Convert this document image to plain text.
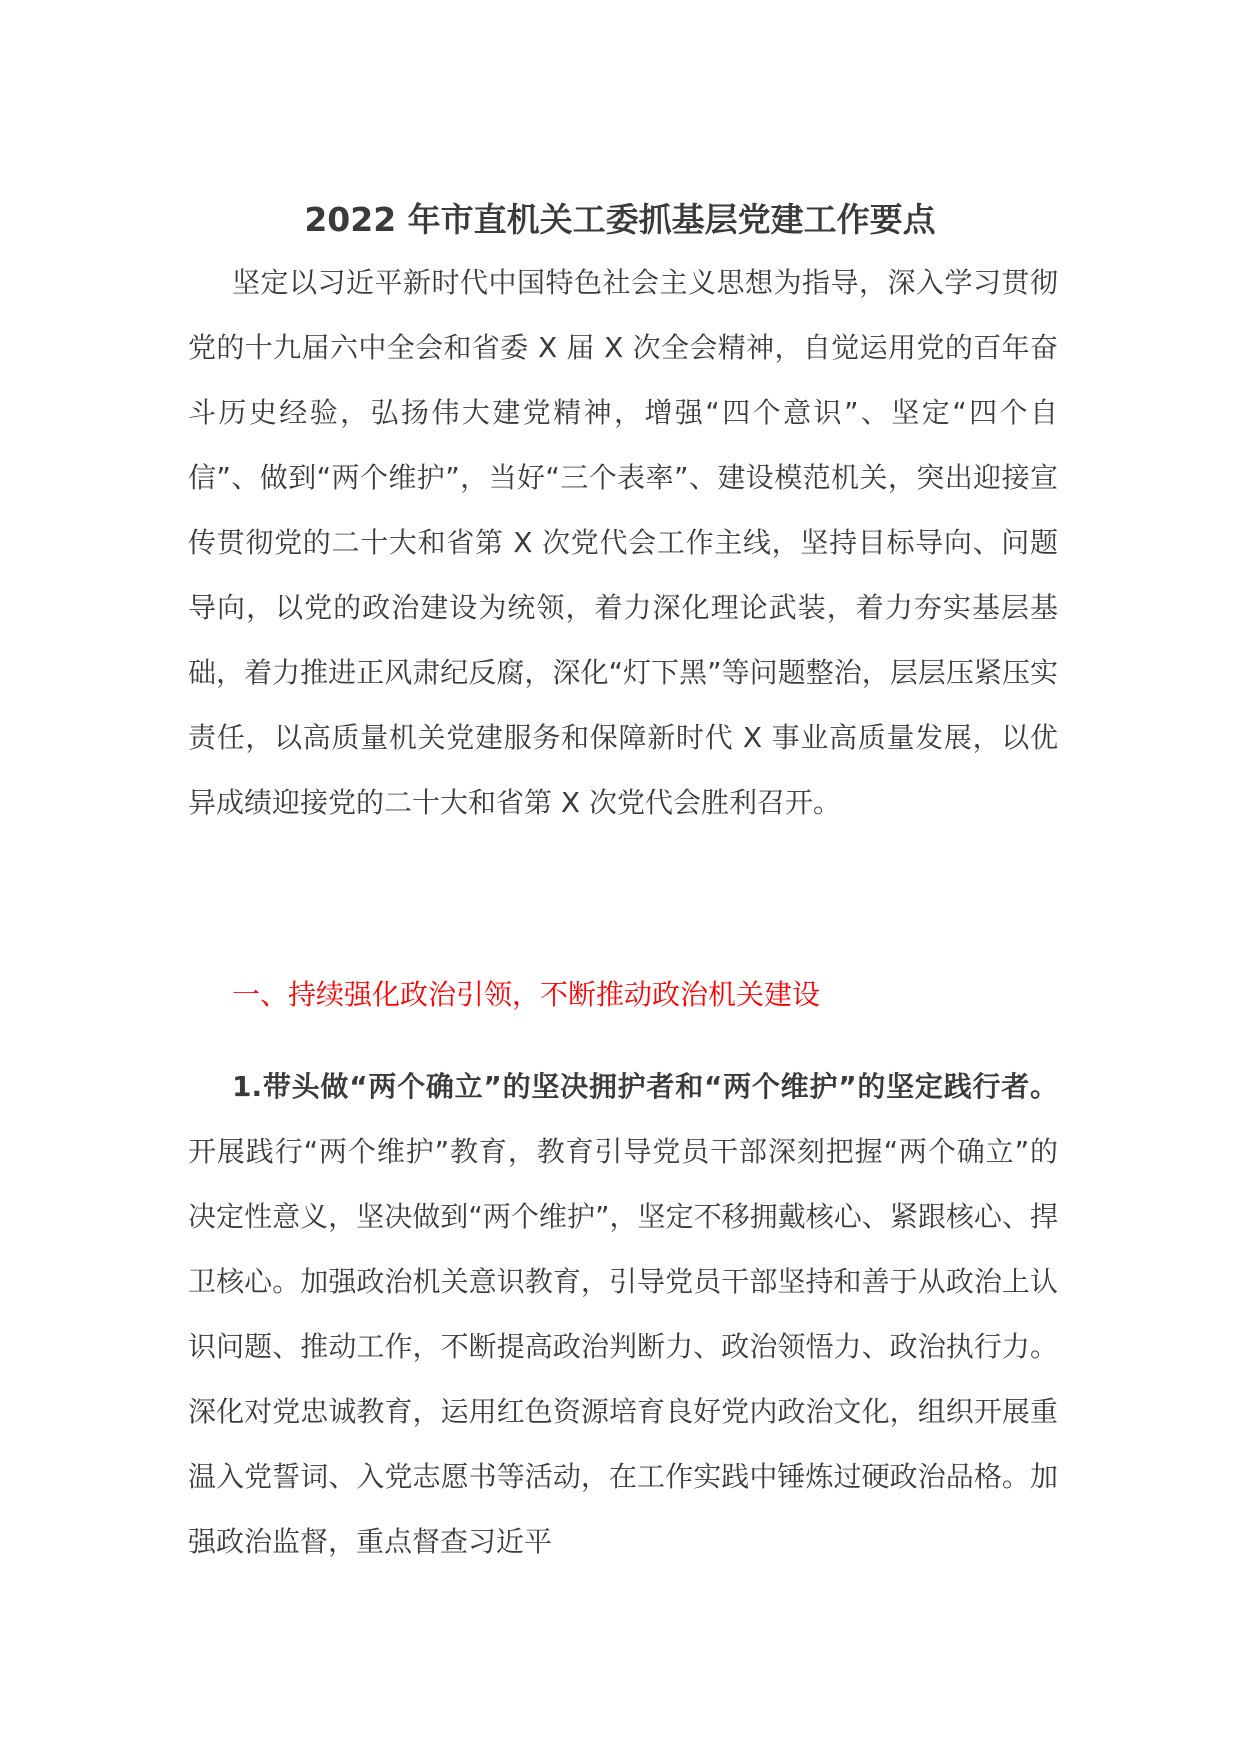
2022 年市直机关工委抓基层党建工作要点

坚定以习近平新时代中国特色社会主义思想为指导，深入学习贯彻党的十九届六中全会和省委 X 届 X 次全会精神，自觉运用党的百年奋斗历史经验，弘扬伟大建党精神，增强“四个意识”、坚定“四个自信”、做到“两个维护”，当好“三个表率”、建设模范机关，突出迎接宣传贯彻党的二十大和省第 X 次党代会工作主线，坚持目标导向、问题导向，以党的政治建设为统领，着力深化理论武装，着力夯实基层基础，着力推进正风肃纪反腐，深化“灯下黑”等问题整治，层层压紧压实责任，以高质量机关党建服务和保障新时代 X 事业高质量发展，以优异成绩迎接党的二十大和省第 X 次党代会胜利召开。

一、持续强化政治引领，不断推动政治机关建设

1.带头做“两个确立”的坚决拥护者和“两个维护”的坚定践行者。开展践行“两个维护”教育，教育引导党员干部深刻把握“两个确立”的决定性意义，坚决做到“两个维护”，坚定不移拥戴核心、紧跟核心、捍卫核心。加强政治机关意识教育，引导党员干部坚持和善于从政治上认识问题、推动工作，不断提高政治判断力、政治领悟力、政治执行力。深化对党忠诚教育，运用红色资源培育良好党内政治文化，组织开展重温入党誓词、入党志愿书等活动，在工作实践中锤炼过硬政治品格。加强政治监督，重点督查习近平
